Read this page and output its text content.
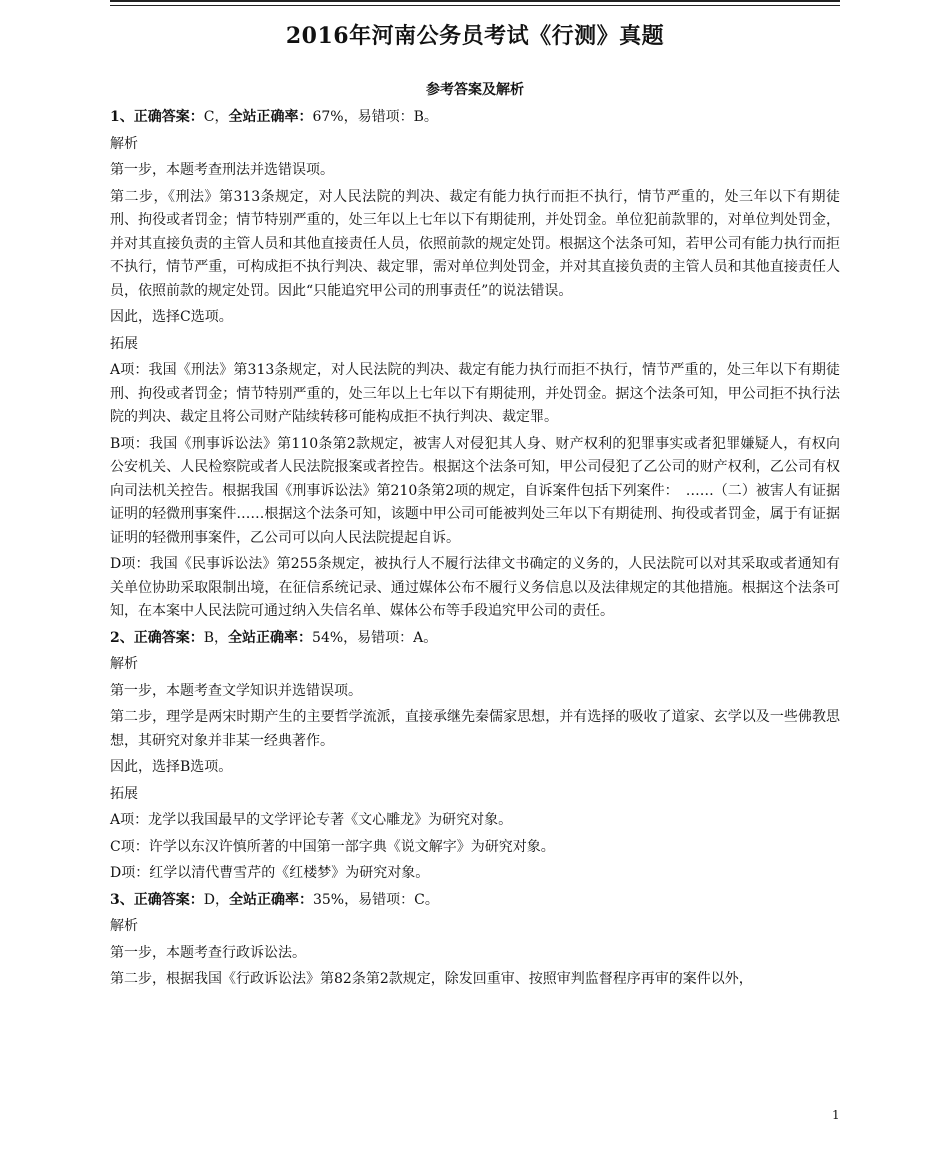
2016年河南公务员考试《行测》真题
参考答案及解析

1、正确答案：C，全站正确率：67%，易错项：B。

解析

第一步，本题考查刑法并选错误项。

第二步，《刑法》第313条规定，对人民法院的判决、裁定有能力执行而拒不执行，情节严重的，处三年以下有期徒刑、拘役或者罚金；情节特别严重的，处三年以上七年以下有期徒刑，并处罚金。单位犯前款罪的，对单位判处罚金，并对其直接负责的主管人员和其他直接责任人员，依照前款的规定处罚。根据这个法条可知，若甲公司有能力执行而拒不执行，情节严重，可构成拒不执行判决、裁定罪，需对单位判处罚金，并对其直接负责的主管人员和其他直接责任人员，依照前款的规定处罚。因此“只能追究甲公司的刑事责任”的说法错误。

因此，选择C选项。

拓展

A项：我国《刑法》第313条规定，对人民法院的判决、裁定有能力执行而拒不执行，情节严重的，处三年以下有期徒刑、拘役或者罚金；情节特别严重的，处三年以上七年以下有期徒刑，并处罚金。据这个法条可知，甲公司拒不执行法院的判决、裁定且将公司财产陆续转移可能构成拒不执行判决、裁定罪。

B项：我国《刑事诉讼法》第110条第2款规定，被害人对侵犯其人身、财产权利的犯罪事实或者犯罪嫌疑人，有权向公安机关、人民检察院或者人民法院报案或者控告。根据这个法条可知，甲公司侵犯了乙公司的财产权利，乙公司有权向司法机关控告。根据我国《刑事诉讼法》第210条第2项的规定，自诉案件包括下列案件：　……（二）被害人有证据证明的轻微刑事案件……根据这个法条可知，该题中甲公司可能被判处三年以下有期徒刑、拘役或者罚金，属于有证据证明的轻微刑事案件，乙公司可以向人民法院提起自诉。

D项：我国《民事诉讼法》第255条规定，被执行人不履行法律文书确定的义务的，人民法院可以对其采取或者通知有关单位协助采取限制出境，在征信系统记录、通过媒体公布不履行义务信息以及法律规定的其他措施。根据这个法条可知，在本案中人民法院可通过纳入失信名单、媒体公布等手段追究甲公司的责任。

2、正确答案：B，全站正确率：54%，易错项：A。

解析

第一步，本题考查文学知识并选错误项。

第二步，理学是两宋时期产生的主要哲学流派，直接承继先秦儒家思想，并有选择的吸收了道家、玄学以及一些佛教思想，其研究对象并非某一经典著作。

因此，选择B选项。

拓展

A项：龙学以我国最早的文学评论专著《文心雕龙》为研究对象。

C项：许学以东汉许慎所著的中国第一部字典《说文解字》为研究对象。

D项：红学以清代曹雪芹的《红楼梦》为研究对象。

3、正确答案：D，全站正确率：35%，易错项：C。

解析

第一步，本题考查行政诉讼法。

第二步，根据我国《行政诉讼法》第82条第2款规定，除发回重审、按照审判监督程序再审的案件以外，

1
